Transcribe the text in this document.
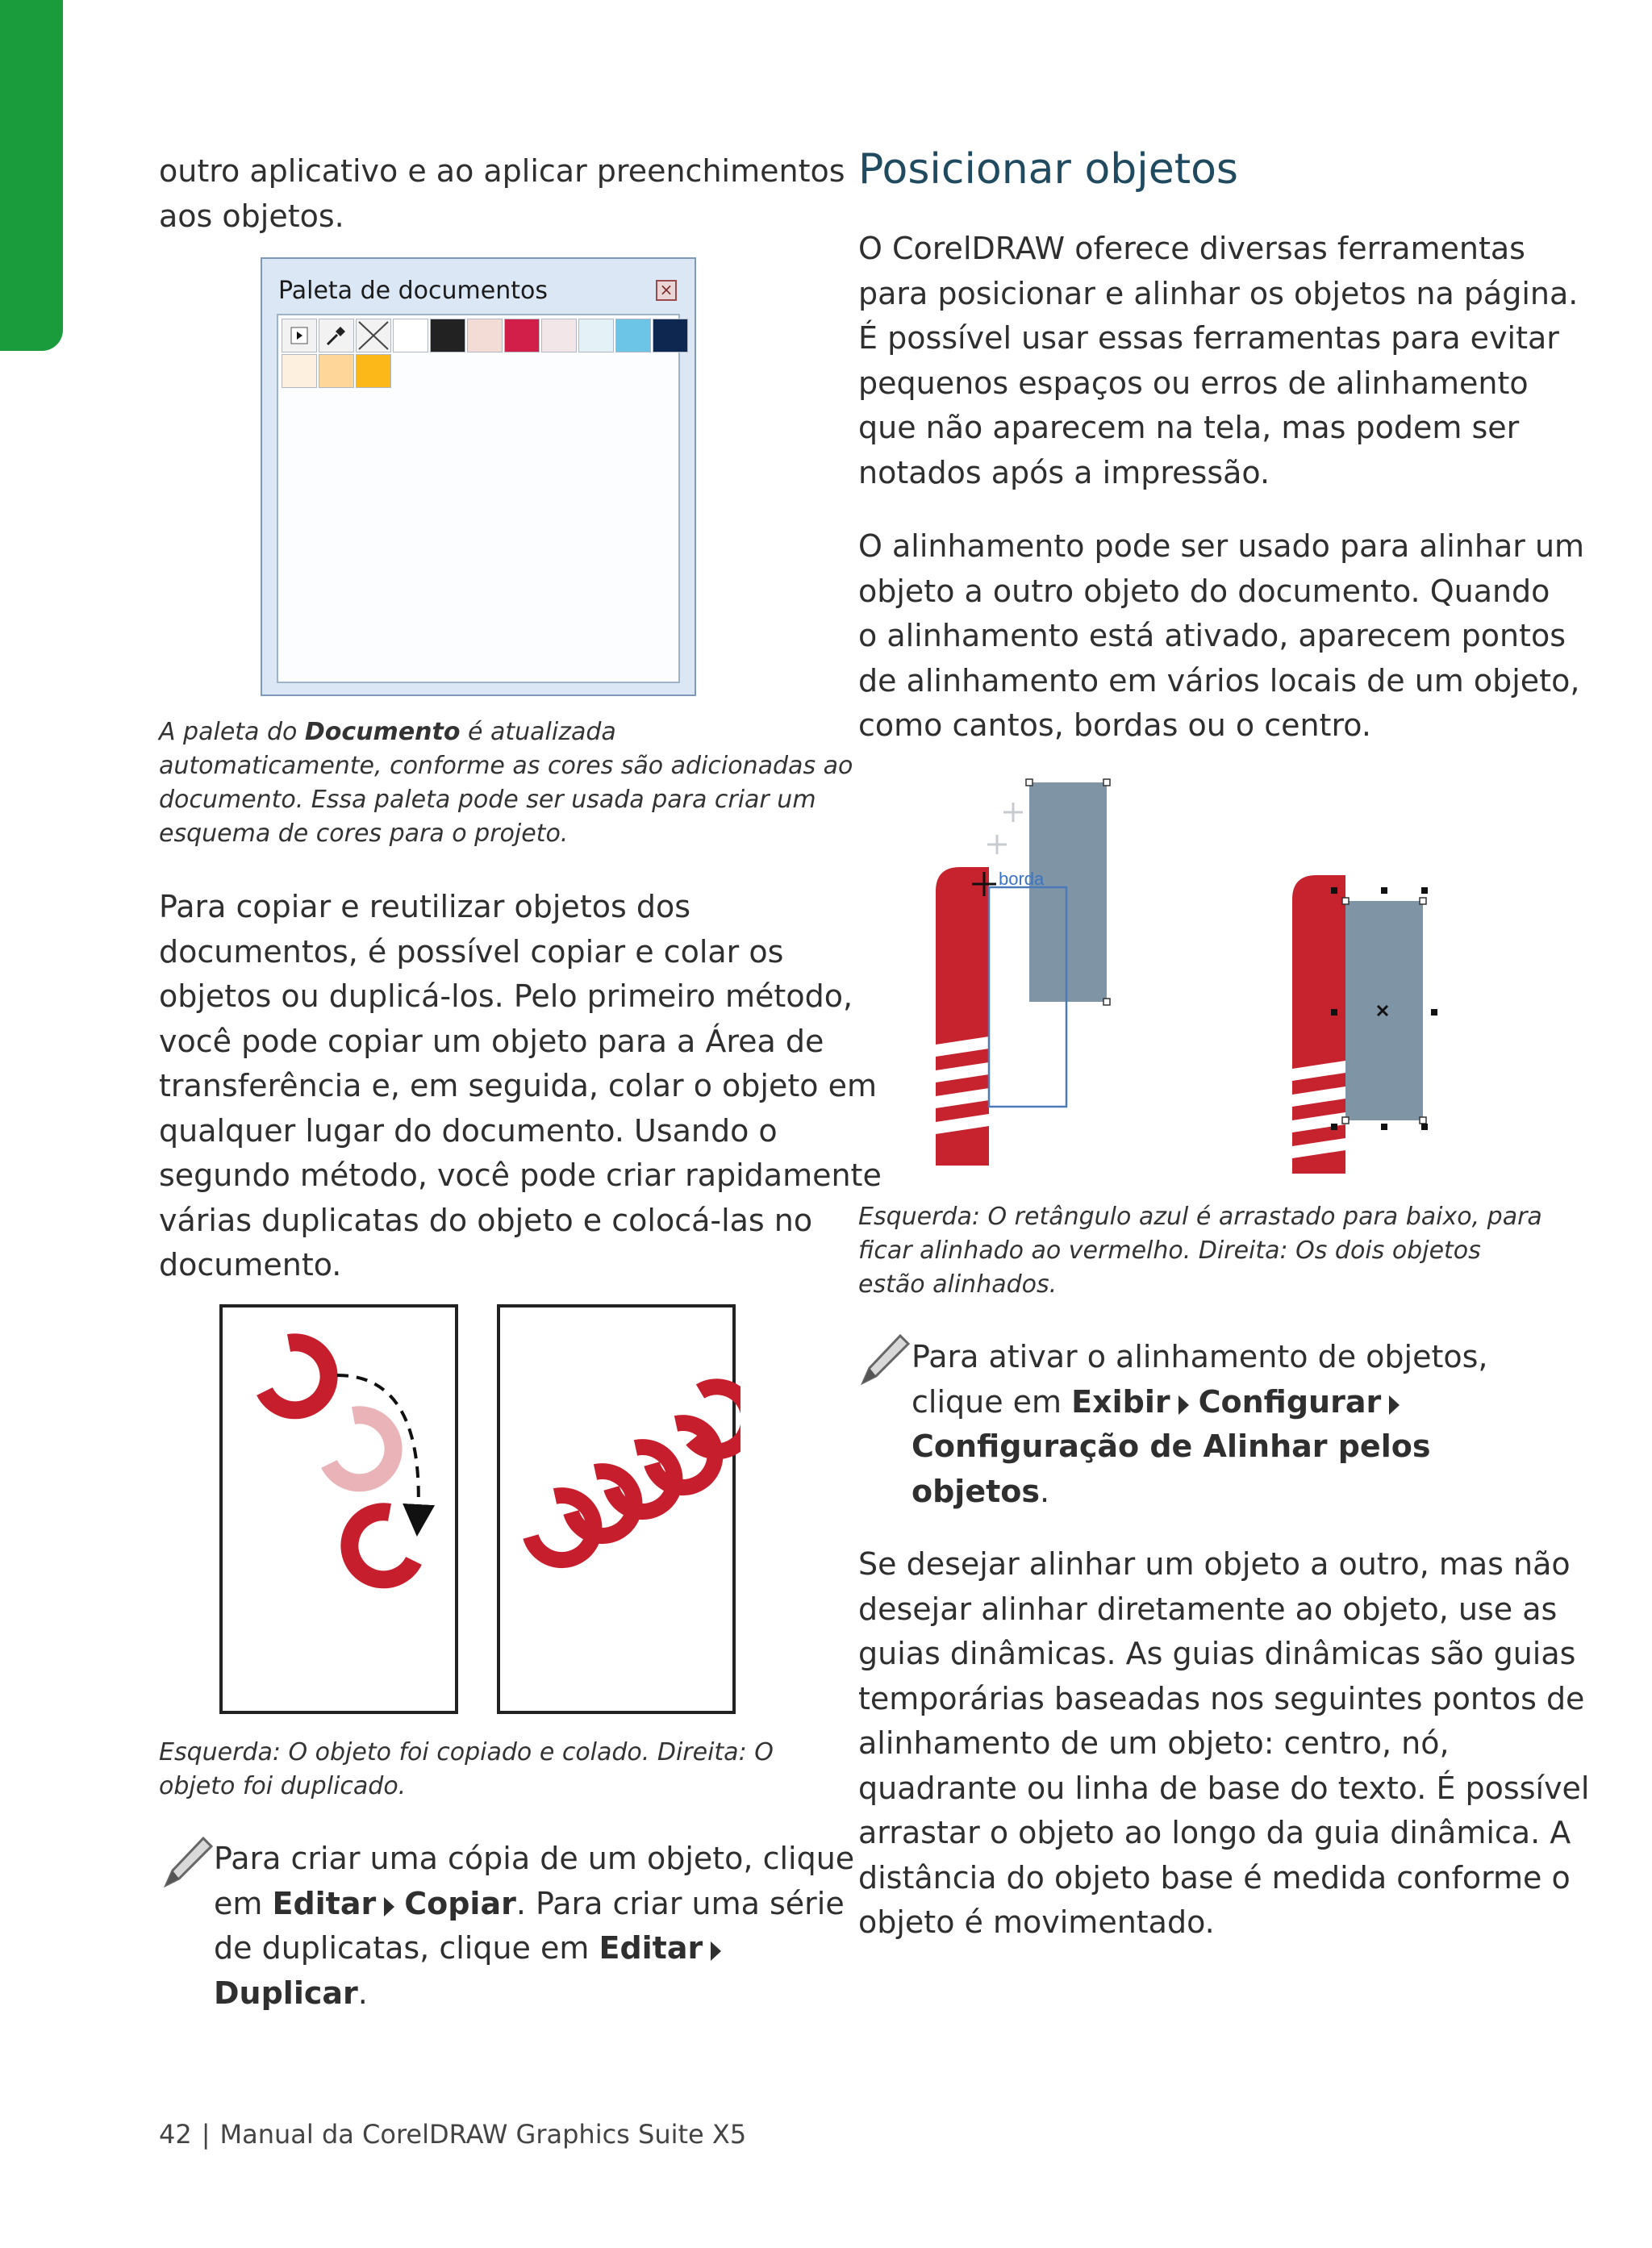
outro aplicativo e ao aplicar preenchimentos
aos objetos.

Paleta de documentos	×

A paleta do Documento é atualizada
automaticamente, conforme as cores são adicionadas ao
documento. Essa paleta pode ser usada para criar um
esquema de cores para o projeto.

Para copiar e reutilizar objetos dos
documentos, é possível copiar e colar os
objetos ou duplicá-los. Pelo primeiro método,
você pode copiar um objeto para a Área de
transferência e, em seguida, colar o objeto em
qualquer lugar do documento. Usando o
segundo método, você pode criar rapidamente
várias duplicatas do objeto e colocá-las no
documento.

Esquerda: O objeto foi copiado e colado. Direita: O
objeto foi duplicado.

Para criar uma cópia de um objeto, clique
em Editar Copiar. Para criar uma série
de duplicatas, clique em Editar
Duplicar.
Posicionar objetos

O CorelDRAW oferece diversas ferramentas
para posicionar e alinhar os objetos na página.
É possível usar essas ferramentas para evitar
pequenos espaços ou erros de alinhamento
que não aparecem na tela, mas podem ser
notados após a impressão.

O alinhamento pode ser usado para alinhar um
objeto a outro objeto do documento. Quando
o alinhamento está ativado, aparecem pontos
de alinhamento em vários locais de um objeto,
como cantos, bordas ou o centro.

borda

Esquerda: O retângulo azul é arrastado para baixo, para
ficar alinhado ao vermelho. Direita: Os dois objetos
estão alinhados.

Para ativar o alinhamento de objetos,
clique em Exibir Configurar
Configuração de Alinhar pelos
objetos.

Se desejar alinhar um objeto a outro, mas não
desejar alinhar diretamente ao objeto, use as
guias dinâmicas. As guias dinâmicas são guias
temporárias baseadas nos seguintes pontos de
alinhamento de um objeto: centro, nó,
quadrante ou linha de base do texto. É possível
arrastar o objeto ao longo da guia dinâmica. A
distância do objeto base é medida conforme o
objeto é movimentado.

42 | Manual da CorelDRAW Graphics Suite X5
